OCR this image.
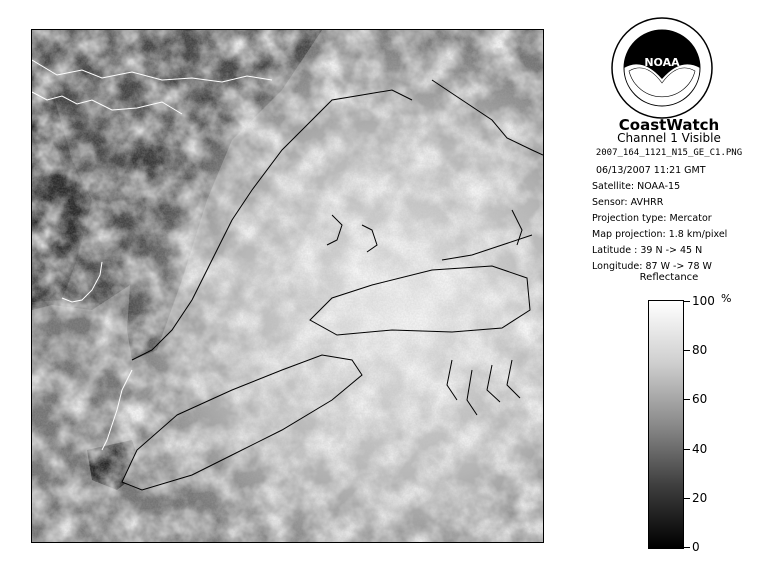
NOAA
CoastWatch
Channel 1 Visible
2007_164_1121_N15_GE_C1.PNG
06/13/2007 11:21 GMT
Satellite: NOAA-15
Sensor: AVHRR
Projection type: Mercator
Map projection: 1.8 km/pixel
Latitude : 39 N -> 45 N
Longitude: 87 W -> 78 W
Reflectance
%
100
80
60
40
20
0
